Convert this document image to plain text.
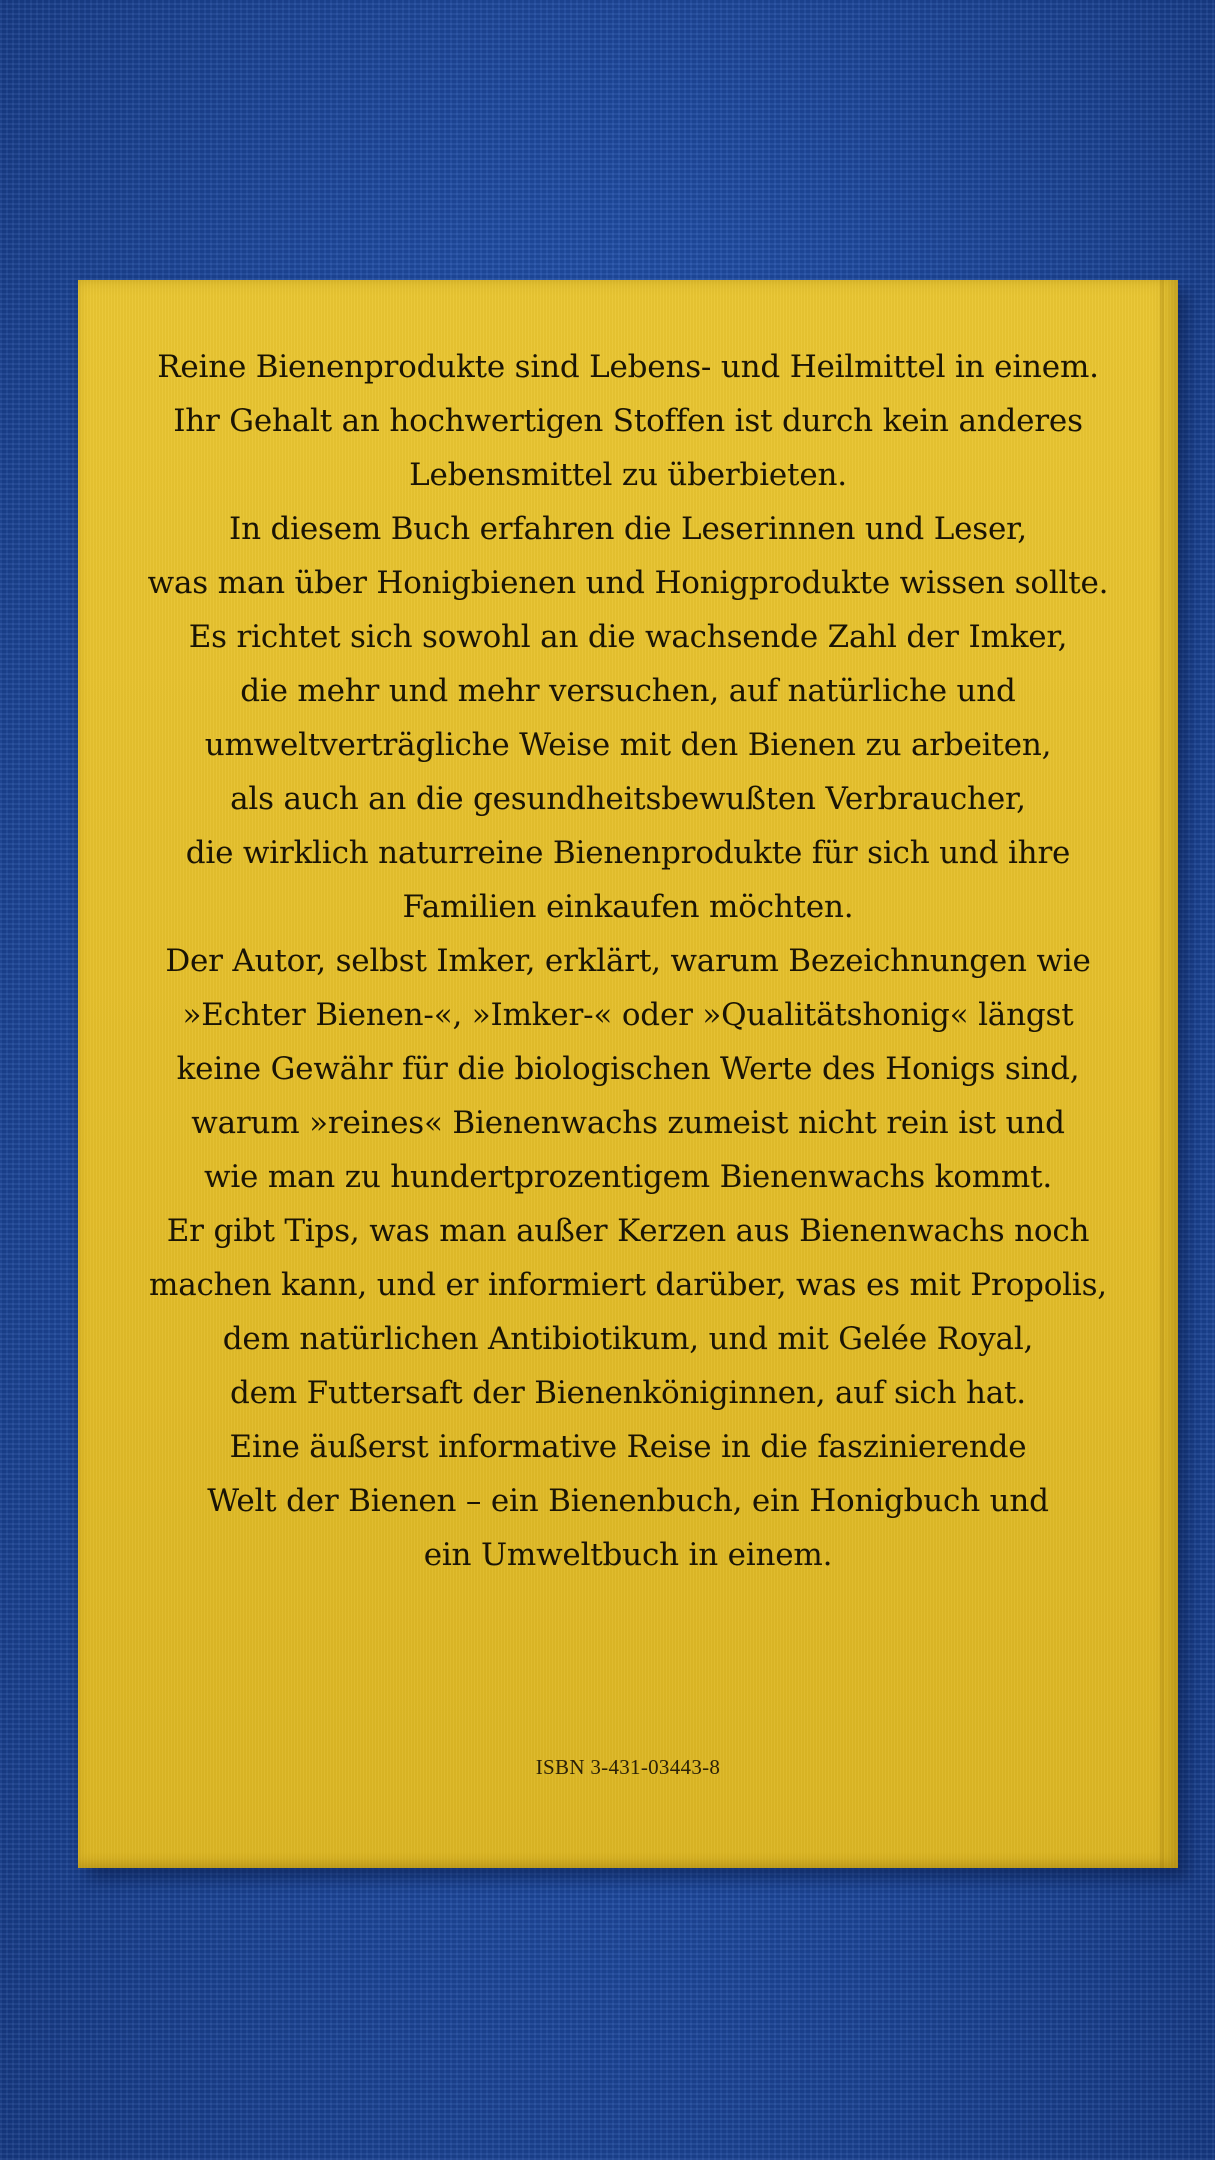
Reine Bienenprodukte sind Lebens- und Heilmittel in einem.
Ihr Gehalt an hochwertigen Stoffen ist durch kein anderes
Lebensmittel zu überbieten.
In diesem Buch erfahren die Leserinnen und Leser,
was man über Honigbienen und Honigprodukte wissen sollte.
Es richtet sich sowohl an die wachsende Zahl der Imker,
die mehr und mehr versuchen, auf natürliche und
umweltverträgliche Weise mit den Bienen zu arbeiten,
als auch an die gesundheitsbewußten Verbraucher,
die wirklich naturreine Bienenprodukte für sich und ihre
Familien einkaufen möchten.
Der Autor, selbst Imker, erklärt, warum Bezeichnungen wie
»Echter Bienen-«, »Imker-« oder »Qualitätshonig« längst
keine Gewähr für die biologischen Werte des Honigs sind,
warum »reines« Bienenwachs zumeist nicht rein ist und
wie man zu hundertprozentigem Bienenwachs kommt.
Er gibt Tips, was man außer Kerzen aus Bienenwachs noch
machen kann, und er informiert darüber, was es mit Propolis,
dem natürlichen Antibiotikum, und mit Gelée Royal,
dem Futtersaft der Bienenköniginnen, auf sich hat.
Eine äußerst informative Reise in die faszinierende
Welt der Bienen – ein Bienenbuch, ein Honigbuch und
ein Umweltbuch in einem.
ISBN 3-431-03443-8
